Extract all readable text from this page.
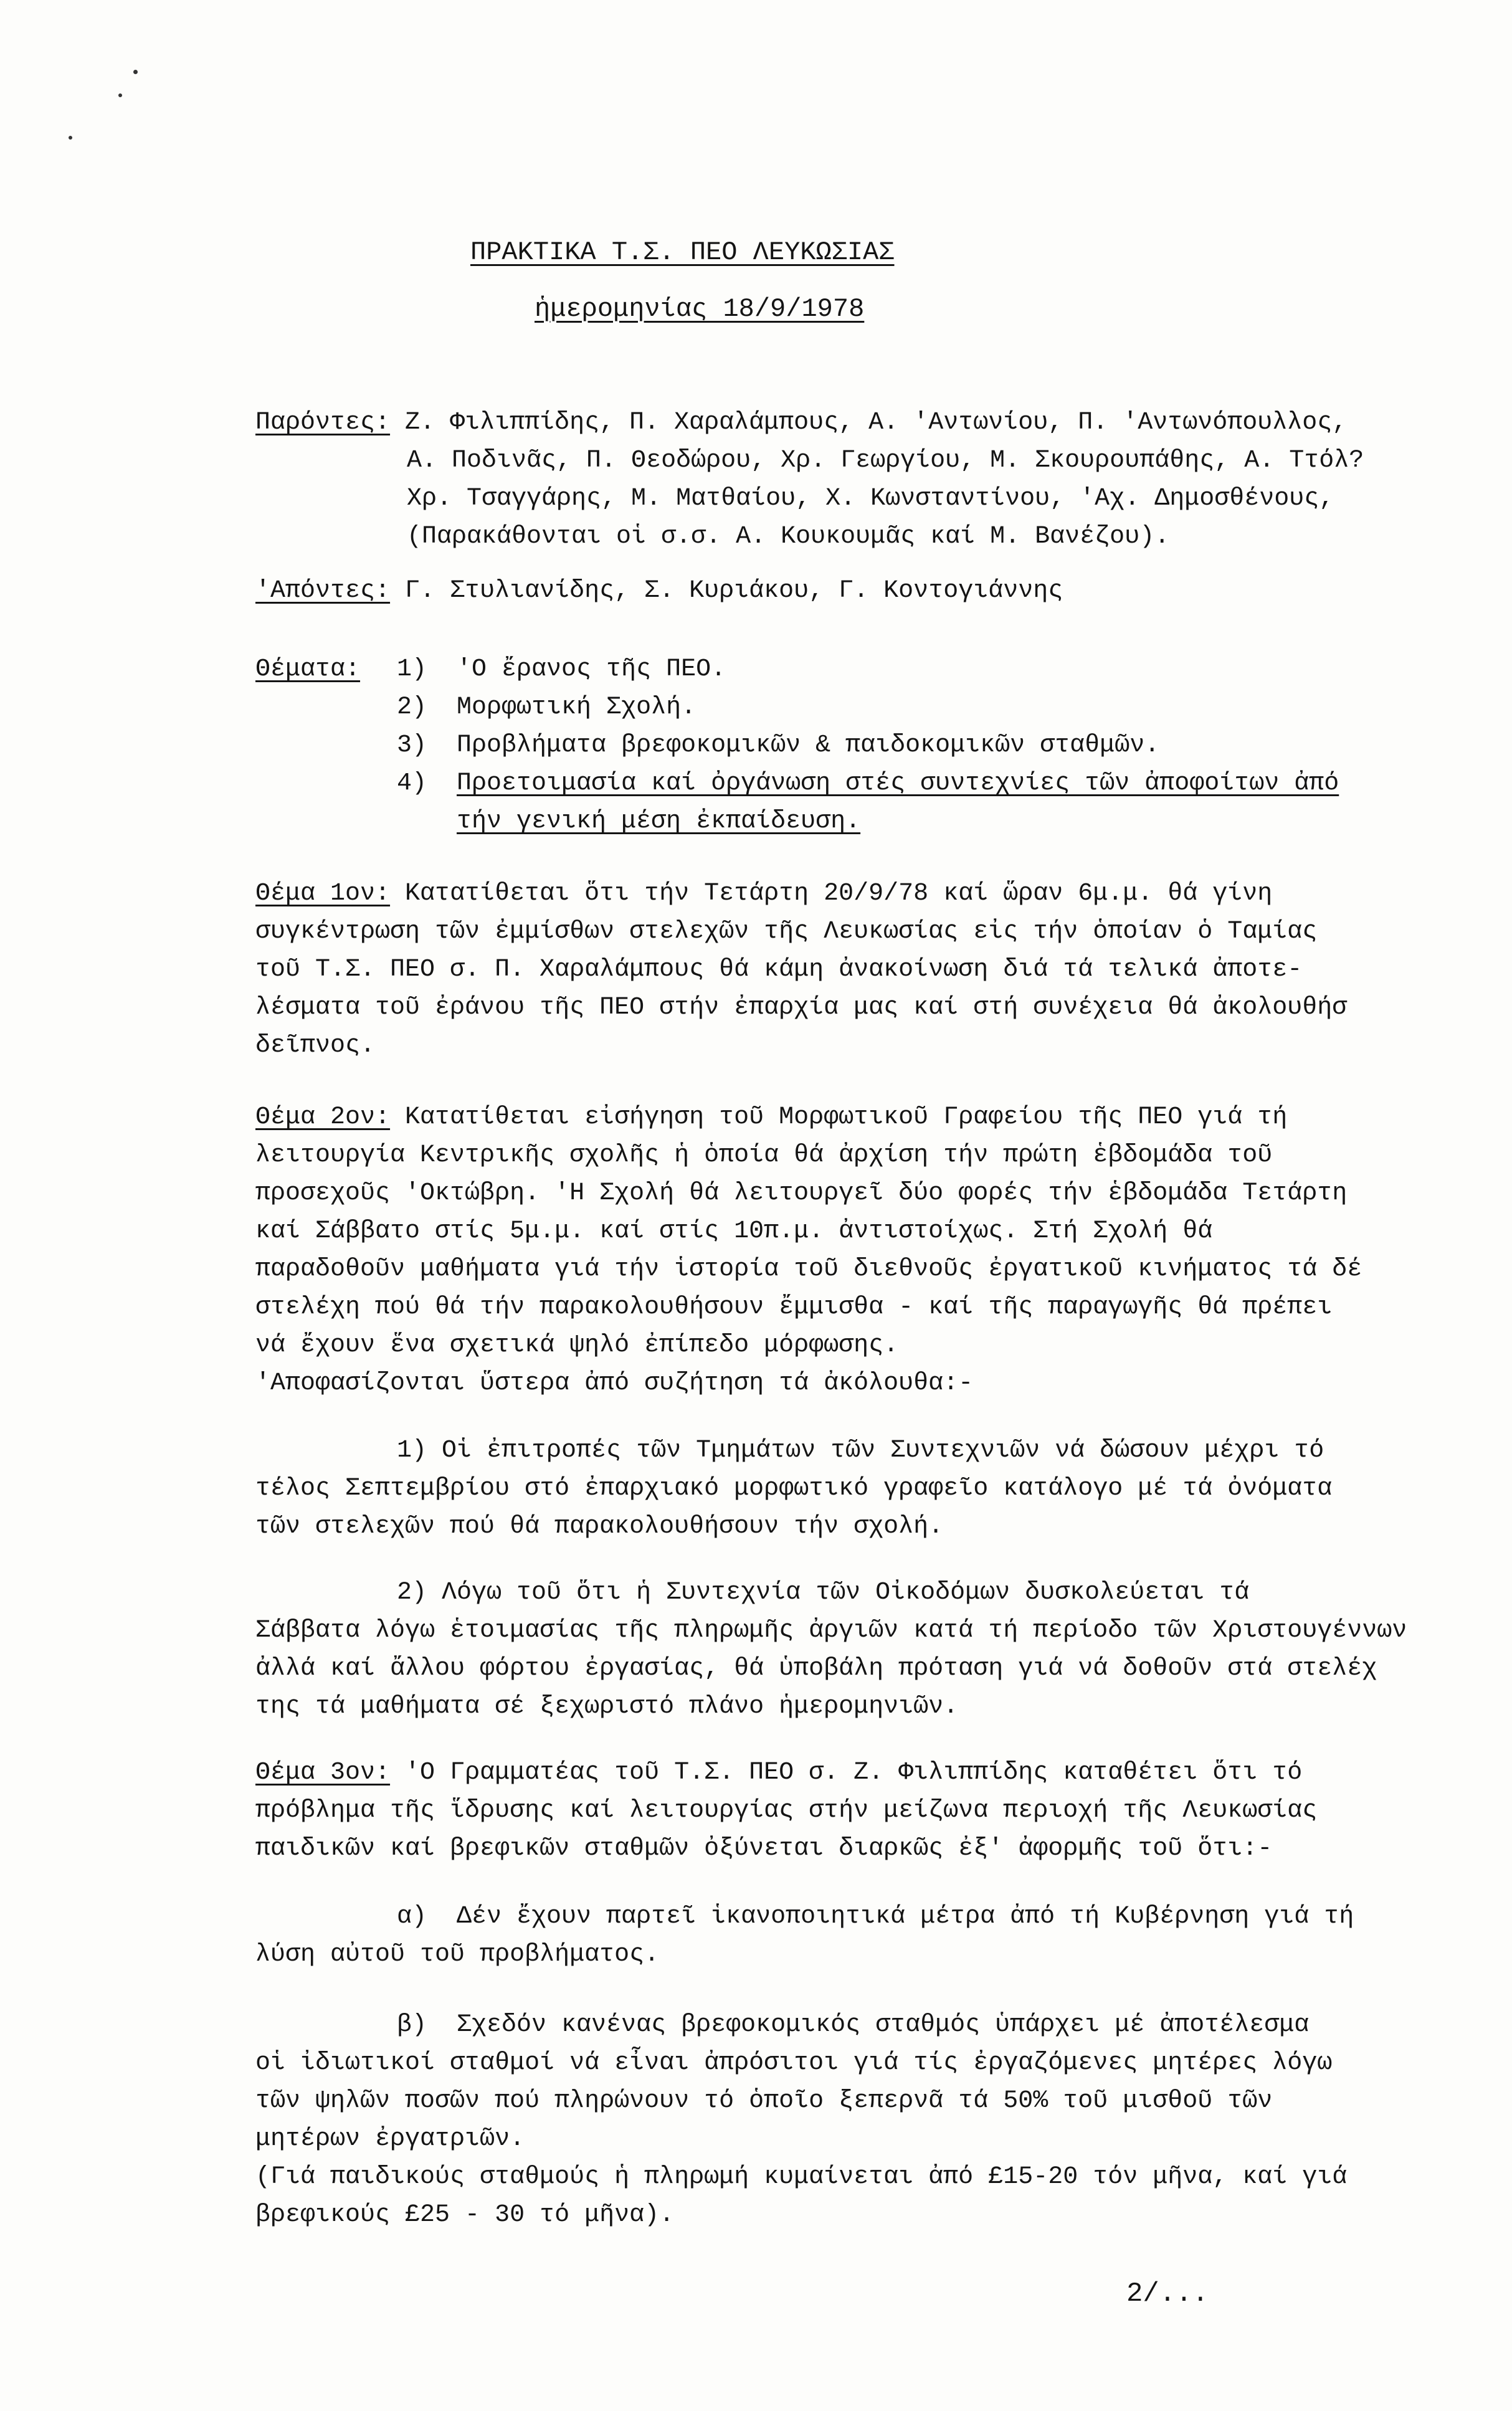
ΠΡΑΚΤΙΚΑ Τ.Σ. ΠΕΟ ΛΕΥΚΩΣΙΑΣ
ἡμερομηνίας 18/9/1978
Παρόντες: Ζ. Φιλιππίδης, Π. Χαραλάμπους, Α. 'Αντωνίου, Π. 'Αντωνόπουλλος,
Α. Ποδινᾶς, Π. Θεοδώρου, Χρ. Γεωργίου, Μ. Σκουρουπάθης, Α. Ττόλ?
Χρ. Τσαγγάρης, Μ. Ματθαίου, Χ. Κωνσταντίνου, 'Αχ. Δημοσθένους,
(Παρακάθονται οἱ σ.σ. Α. Κουκουμᾶς καί Μ. Βανέζου).
'Απόντες: Γ. Στυλιανίδης, Σ. Κυριάκου, Γ. Κοντογιάννης
Θέματα: 1)  'Ο ἔρανος τῆς ΠΕΟ.
2)  Μορφωτική Σχολή.
3)  Προβλήματα βρεφοκομικῶν & παιδοκομικῶν σταθμῶν.
4) Προετοιμασία καί ὀργάνωση στές συντεχνίες τῶν ἀποφοίτων ἀπό
τήν γενική μέση ἐκπαίδευση.
Θέμα 1ον: Κατατίθεται ὅτι τήν Τετάρτη 20/9/78 καί ὥραν 6μ.μ. θά γίνη
συγκέντρωση τῶν ἐμμίσθων στελεχῶν τῆς Λευκωσίας εἰς τήν ὁποίαν ὁ Ταμίας
τοῦ Τ.Σ. ΠΕΟ σ. Π. Χαραλάμπους θά κάμη ἀνακοίνωση διά τά τελικά ἀποτε-
λέσματα τοῦ ἐράνου τῆς ΠΕΟ στήν ἐπαρχία μας καί στή συνέχεια θά ἀκολουθήσ
δεῖπνος.
Θέμα 2ον: Κατατίθεται εἰσήγηση τοῦ Μορφωτικοῦ Γραφείου τῆς ΠΕΟ γιά τή
λειτουργία Κεντρικῆς σχολῆς ἡ ὁποία θά ἀρχίση τήν πρώτη ἑβδομάδα τοῦ
προσεχοῦς 'Οκτώβρη. 'Η Σχολή θά λειτουργεῖ δύο φορές τήν ἑβδομάδα Τετάρτη
καί Σάββατο στίς 5μ.μ. καί στίς 10π.μ. ἀντιστοίχως. Στή Σχολή θά
παραδοθοῦν μαθήματα γιά τήν ἱστορία τοῦ διεθνοῦς ἐργατικοῦ κινήματος τά δέ
στελέχη πού θά τήν παρακολουθήσουν ἔμμισθα - καί τῆς παραγωγῆς θά πρέπει
νά ἔχουν ἕνα σχετικά ψηλό ἐπίπεδο μόρφωσης.
'Αποφασίζονται ὕστερα ἀπό συζήτηση τά ἀκόλουθα:-
1) Οἱ ἐπιτροπές τῶν Τμημάτων τῶν Συντεχνιῶν νά δώσουν μέχρι τό
τέλος Σεπτεμβρίου στό ἐπαρχιακό μορφωτικό γραφεῖο κατάλογο μέ τά ὀνόματα
τῶν στελεχῶν πού θά παρακολουθήσουν τήν σχολή.
2) Λόγω τοῦ ὅτι ἡ Συντεχνία τῶν Οἰκοδόμων δυσκολεύεται τά
Σάββατα λόγω ἑτοιμασίας τῆς πληρωμῆς ἀργιῶν κατά τή περίοδο τῶν Χριστουγέννων
ἀλλά καί ἄλλου φόρτου ἐργασίας, θά ὑποβάλη πρόταση γιά νά δοθοῦν στά στελέχ
της τά μαθήματα σέ ξεχωριστό πλάνο ἡμερομηνιῶν.
Θέμα 3ον: 'Ο Γραμματέας τοῦ Τ.Σ. ΠΕΟ σ. Ζ. Φιλιππίδης καταθέτει ὅτι τό
πρόβλημα τῆς ἵδρυσης καί λειτουργίας στήν μείζωνα περιοχή τῆς Λευκωσίας
παιδικῶν καί βρεφικῶν σταθμῶν ὀξύνεται διαρκῶς ἐξ' ἀφορμῆς τοῦ ὅτι:-
α)  Δέν ἔχουν παρτεῖ ἱκανοποιητικά μέτρα ἀπό τή Κυβέρνηση γιά τή
λύση αὐτοῦ τοῦ προβλήματος.
β)  Σχεδόν κανένας βρεφοκομικός σταθμός ὑπάρχει μέ ἀποτέλεσμα
οἱ ἰδιωτικοί σταθμοί νά εἶναι ἀπρόσιτοι γιά τίς ἐργαζόμενες μητέρες λόγω
τῶν ψηλῶν ποσῶν πού πληρώνουν τό ὁποῖο ξεπερνᾶ τά 50% τοῦ μισθοῦ τῶν
μητέρων ἐργατριῶν.
(Γιά παιδικούς σταθμούς ἡ πληρωμή κυμαίνεται ἀπό £15-20 τόν μῆνα, καί γιά
βρεφικούς £25 - 30 τό μῆνα).
2/...
